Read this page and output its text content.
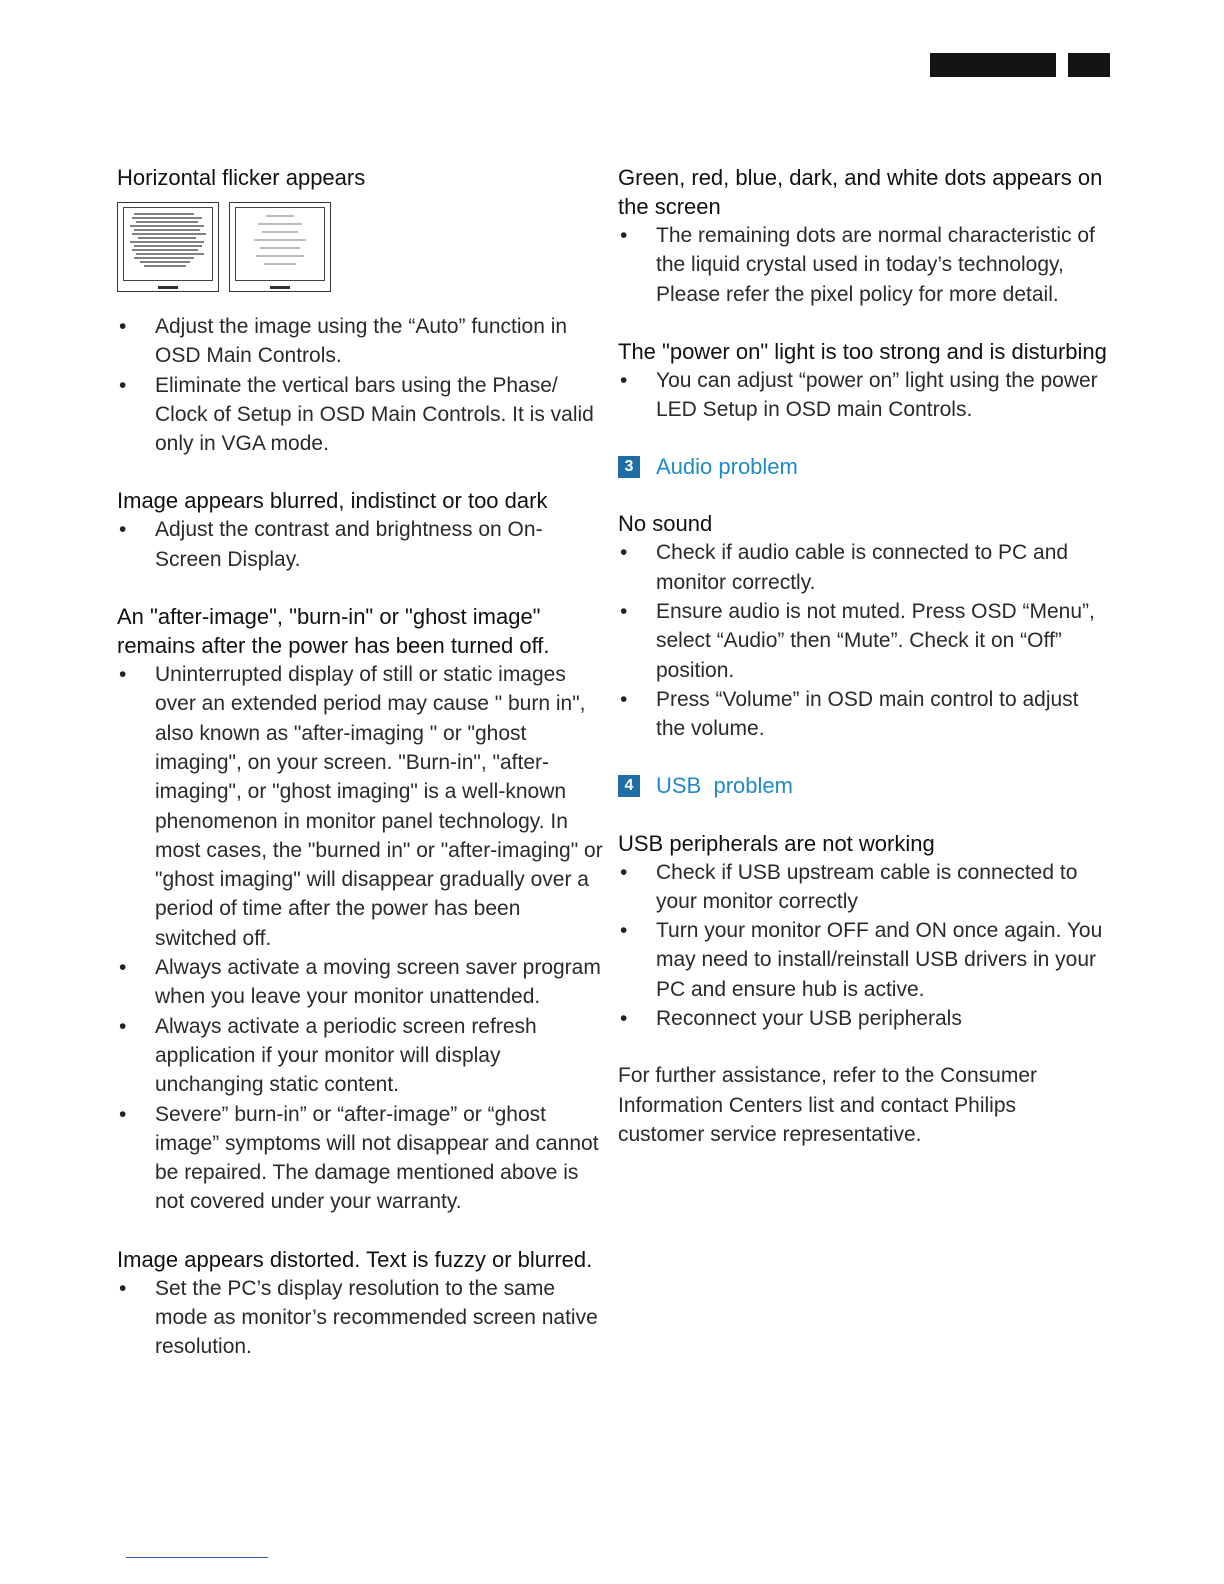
Horizontal flicker appears
• Adjust the image using the “Auto” function in OSD Main Controls.
• Eliminate the vertical bars using the Phase/ Clock of Setup in OSD Main Controls. It is valid only in VGA mode.
Image appears blurred, indistinct or too dark
• Adjust the contrast and brightness on On-Screen Display.
An "after-image", "burn-in" or "ghost image" remains after the power has been turned off.
• Uninterrupted display of still or static images over an extended period may cause " burn in", also known as "after-imaging " or "ghost imaging", on your screen. "Burn-in", "after-imaging", or "ghost imaging" is a well-known phenomenon in monitor panel technology. In most cases, the "burned in" or "after-imaging" or "ghost imaging" will disappear gradually over a period of time after the power has been switched off.
• Always activate a moving screen saver program when you leave your monitor unattended.
• Always activate a periodic screen refresh application if your monitor will display unchanging static content.
• Severe” burn-in” or “after-image” or “ghost image” symptoms will not disappear and cannot be repaired. The damage mentioned above is not covered under your warranty.
Image appears distorted. Text is fuzzy or blurred.
• Set the PC’s display resolution to the same mode as monitor’s recommended screen native resolution.
Green, red, blue, dark, and white dots appears on the screen
• The remaining dots are normal characteristic of the liquid crystal used in today’s technology, Please refer the pixel policy for more detail.
The "power on" light is too strong and is disturbing
• You can adjust “power on” light using the power LED Setup in OSD main Controls.
3 Audio problem
No sound
• Check if audio cable is connected to PC and monitor correctly.
• Ensure audio is not muted. Press OSD “Menu”, select “Audio” then “Mute”. Check it on “Off” position.
• Press “Volume” in OSD main control to adjust the volume.
4 USB  problem
USB peripherals are not working
• Check if USB upstream cable is connected to your monitor correctly
• Turn your monitor OFF and ON once again. You may need to install/reinstall USB drivers in your PC and ensure hub is active.
• Reconnect your USB peripherals

For further assistance, refer to the Consumer Information Centers list and contact Philips customer service representative.
